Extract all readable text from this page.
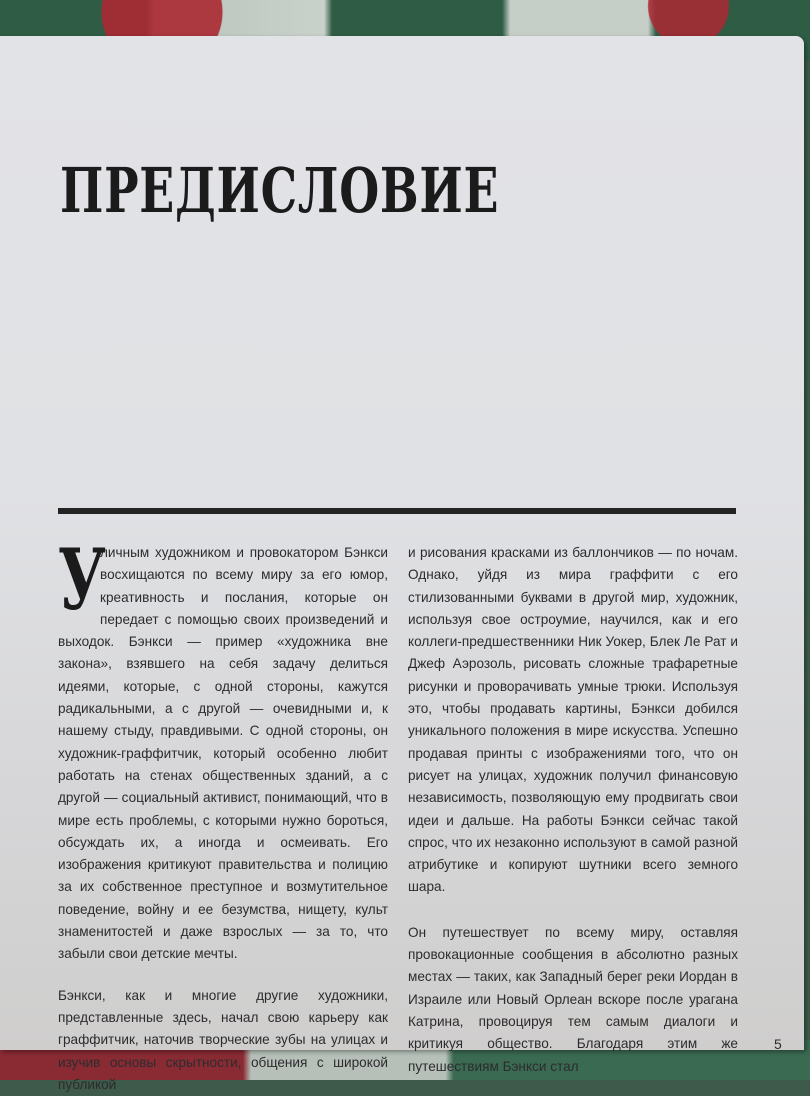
ПРЕДИСЛОВИЕ

У
личным художником и провокатором Бэнкси восхищаются по всему миру за его юмор, креативность и послания, которые он передает с помощью своих произведений и выходок. Бэнкси — пример «художника вне закона», взявшего на себя задачу делиться идеями, которые, с одной стороны, кажутся радикальными, а с другой — очевидными и, к нашему стыду, правдивыми. С одной стороны, он художник-граффитчик, который особенно любит работать на стенах общественных зданий, а с другой — социальный активист, понимающий, что в мире есть проблемы, с которыми нужно бороться, обсуждать их, а иногда и осмеивать. Его изображения критикуют правительства и полицию за их собственное преступное и возмутительное поведение, войну и ее безумства, нищету, культ знаменитостей и даже взрослых — за то, что забыли свои детские мечты.

Бэнкси, как и многие другие художники, представленные здесь, начал свою карьеру как граффитчик, наточив творческие зубы на улицах и изучив основы скрытности, общения с широкой публикой

и рисования красками из баллончиков — по ночам. Однако, уйдя из мира граффити с его стилизованными буквами в другой мир, художник, используя свое остроумие, научился, как и его коллеги-предшественники Ник Уокер, Блек Ле Рат и Джеф Аэрозоль, рисовать сложные трафаретные рисунки и проворачивать умные трюки. Используя это, чтобы продавать картины, Бэнкси добился уникального положения в мире искусства. Успешно продавая принты с изображениями того, что он рисует на улицах, художник получил финансовую независимость, позволяющую ему продвигать свои идеи и дальше. На работы Бэнкси сейчас такой спрос, что их незаконно используют в самой разной атрибутике и копируют шутники всего земного шара.

Он путешествует по всему миру, оставляя провокационные сообщения в абсолютно разных местах — таких, как Западный берег реки Иордан в Израиле или Новый Орлеан вскоре после урагана Катрина, провоцируя тем самым диалоги и критикуя общество. Благодаря этим же путешествиям Бэнкси стал

5
